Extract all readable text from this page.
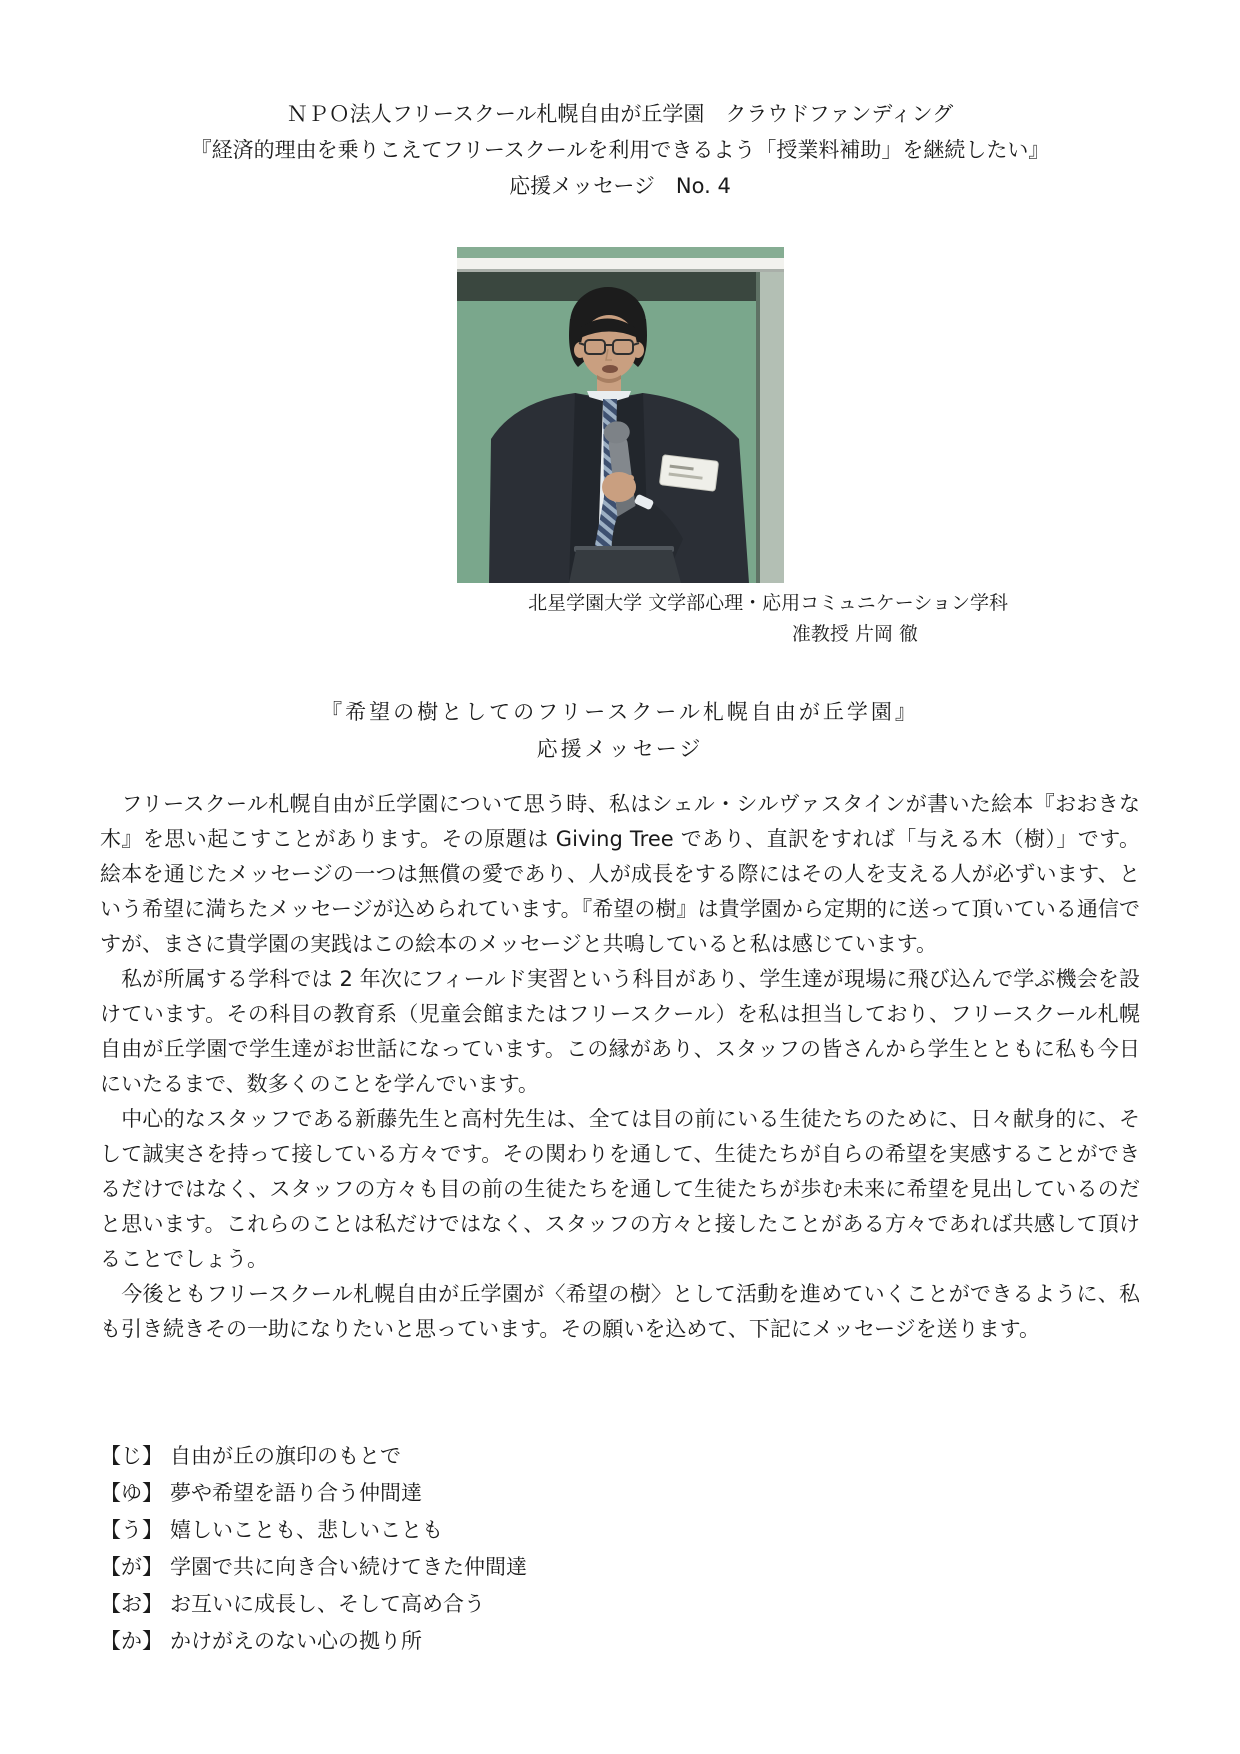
ＮＰＯ法人フリースクール札幌自由が丘学園　クラウドファンディング

『経済的理由を乗りこえてフリースクールを利用できるよう「授業料補助」を継続したい』

応援メッセージ　No. 4

北星学園大学 文学部心理・応用コミュニケーション学科

准教授 片岡 徹

『希望の樹としてのフリースクール札幌自由が丘学園』

応援メッセージ

　フリースクール札幌自由が丘学園について思う時、私はシェル・シルヴァスタインが書いた絵本『おおきな木』を思い起こすことがあります。その原題は Giving Tree であり、直訳をすれば「与える木（樹）」です。絵本を通じたメッセージの一つは無償の愛であり、人が成長をする際にはその人を支える人が必ずいます、という希望に満ちたメッセージが込められています。『希望の樹』は貴学園から定期的に送って頂いている通信ですが、まさに貴学園の実践はこの絵本のメッセージと共鳴していると私は感じています。

　私が所属する学科では 2 年次にフィールド実習という科目があり、学生達が現場に飛び込んで学ぶ機会を設けています。その科目の教育系（児童会館またはフリースクール）を私は担当しており、フリースクール札幌自由が丘学園で学生達がお世話になっています。この縁があり、スタッフの皆さんから学生とともに私も今日にいたるまで、数多くのことを学んでいます。

　中心的なスタッフである新藤先生と高村先生は、全ては目の前にいる生徒たちのために、日々献身的に、そして誠実さを持って接している方々です。その関わりを通して、生徒たちが自らの希望を実感することができるだけではなく、スタッフの方々も目の前の生徒たちを通して生徒たちが歩む未来に希望を見出しているのだと思います。これらのことは私だけではなく、スタッフの方々と接したことがある方々であれば共感して頂けることでしょう。

　今後ともフリースクール札幌自由が丘学園が〈希望の樹〉として活動を進めていくことができるように、私も引き続きその一助になりたいと思っています。その願いを込めて、下記にメッセージを送ります。

【じ】 自由が丘の旗印のもとで
【ゆ】 夢や希望を語り合う仲間達
【う】 嬉しいことも、悲しいことも
【が】 学園で共に向き合い続けてきた仲間達
【お】 お互いに成長し、そして高め合う
【か】 かけがえのない心の拠り所
